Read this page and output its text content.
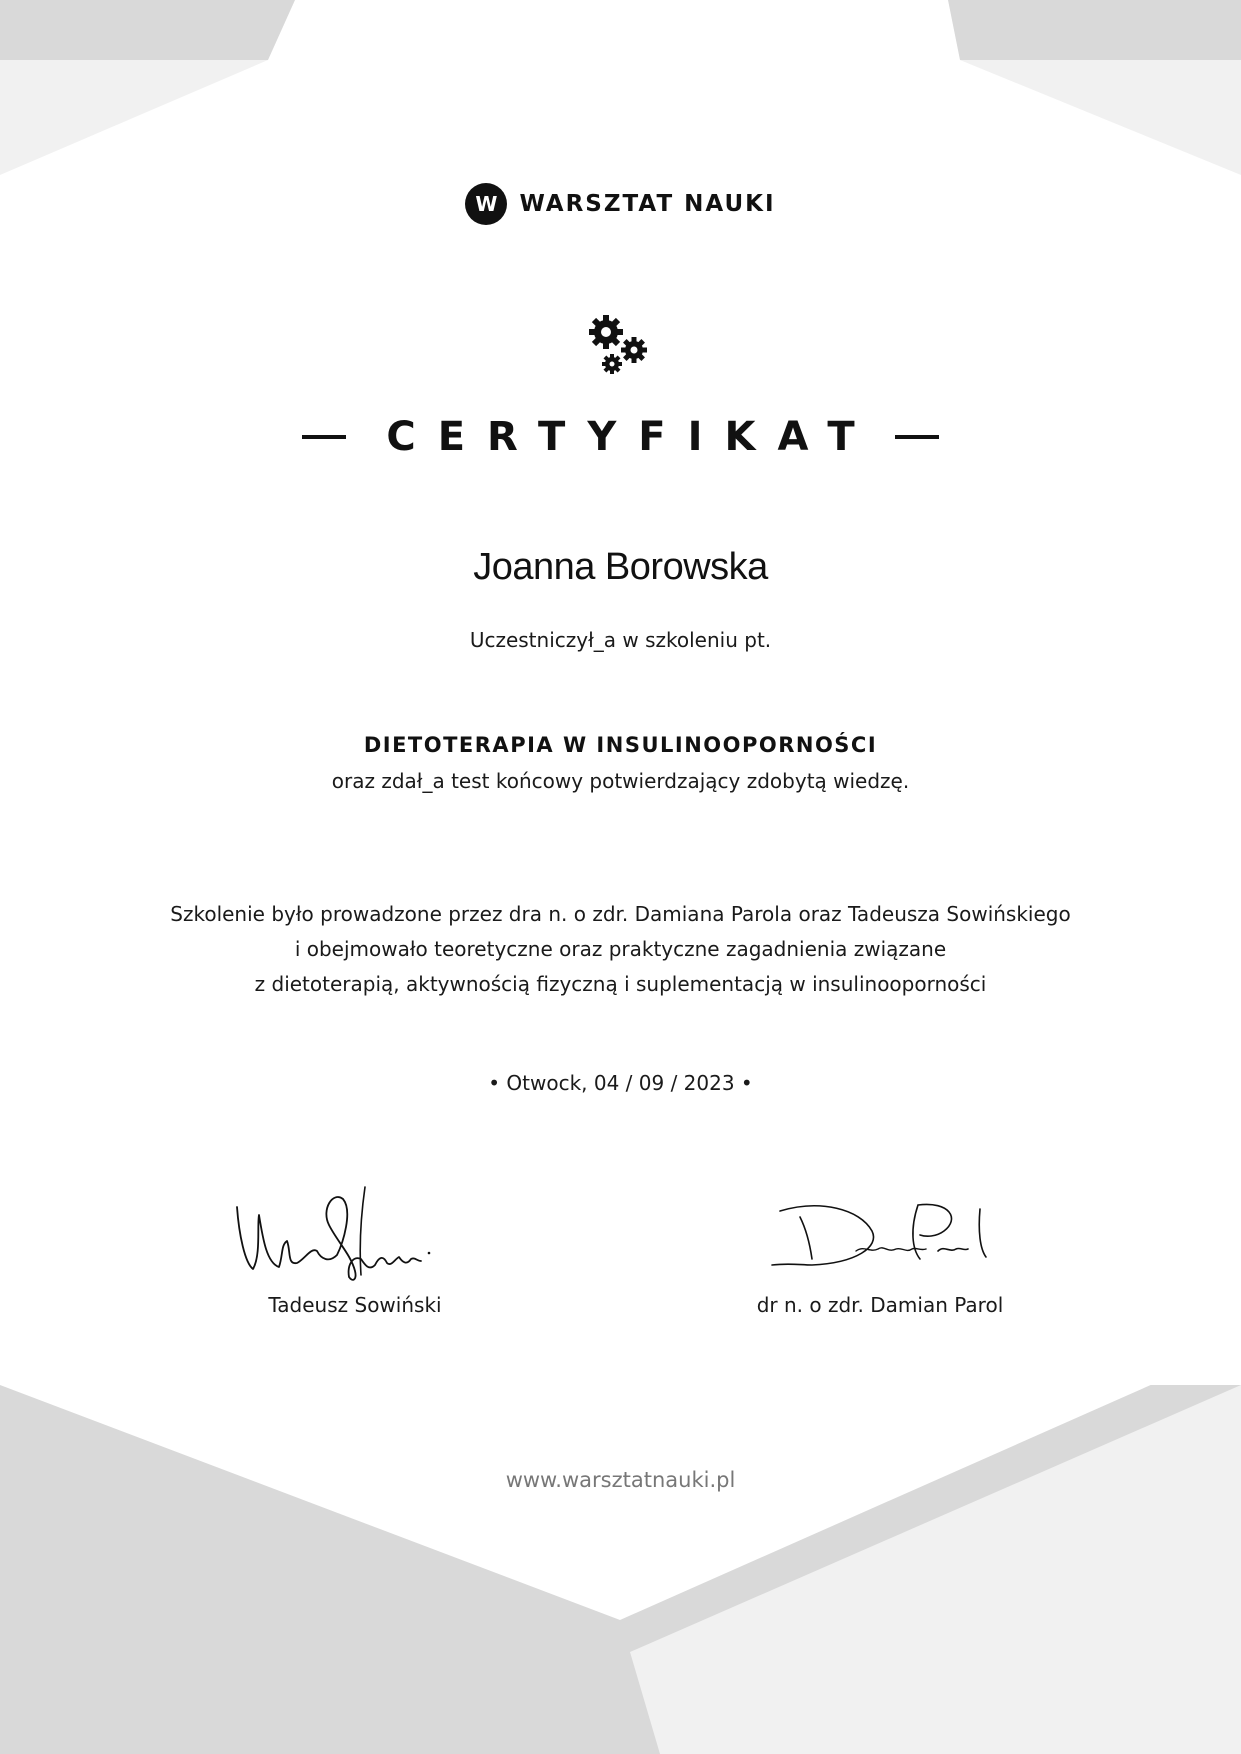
W WARSZTAT NAUKI
CERTYFIKAT
Joanna Borowska
Uczestniczył_a w szkoleniu pt.
DIETOTERAPIA W INSULINOOPORNOŚCI
oraz zdał_a test końcowy potwierdzający zdobytą wiedzę.
Szkolenie było prowadzone przez dra n. o zdr. Damiana Parola oraz Tadeusza Sowińskiego
i obejmowało teoretyczne oraz praktyczne zagadnienia związane
z dietoterapią, aktywnością fizyczną i suplementacją w insulinooporności
• Otwock, 04 / 09 / 2023 •
Tadeusz Sowiński	dr n. o zdr. Damian Parol
www.warsztatnauki.pl
